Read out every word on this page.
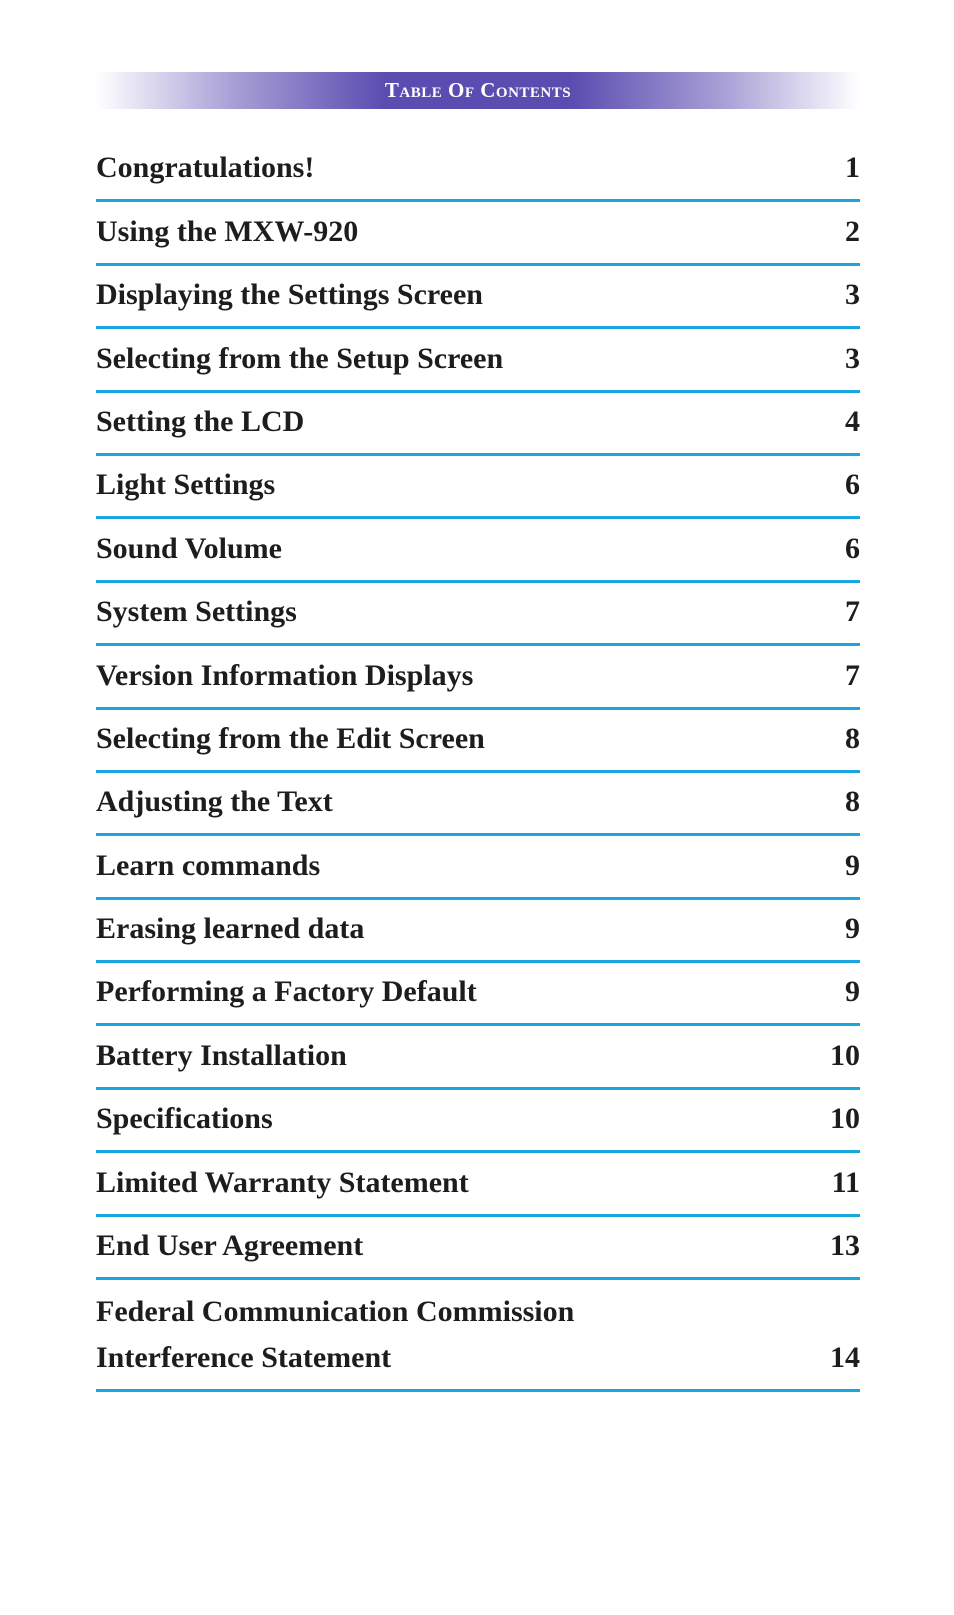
Table Of Contents
Congratulations!	1
Using the MXW-920	2
Displaying the Settings Screen	3
Selecting from the Setup Screen	3
Setting the LCD	4
Light Settings	6
Sound Volume	6
System Settings	7
Version Information Displays	7
Selecting from the Edit Screen	8
Adjusting the Text	8
Learn commands	9
Erasing learned data	9
Performing a Factory Default	9
Battery Installation	10
Specifications	10
Limited Warranty Statement	11
End User Agreement	13
Federal Communication Commission
Interference Statement	14
